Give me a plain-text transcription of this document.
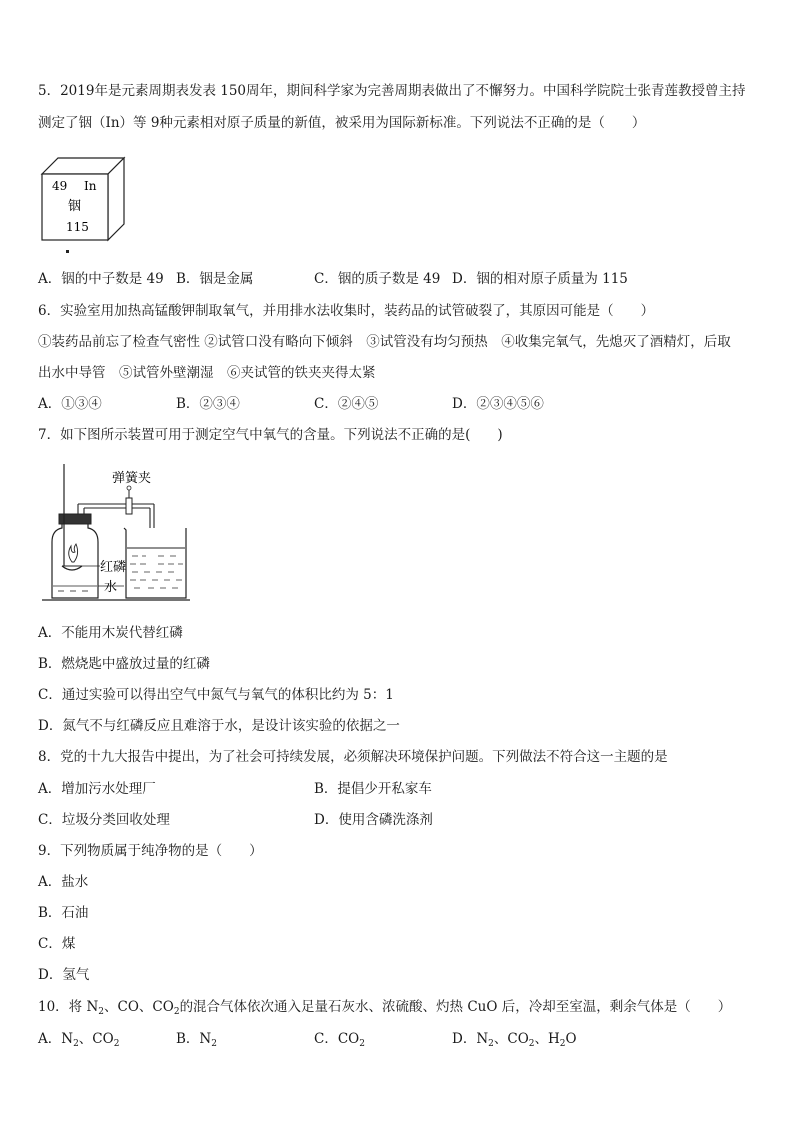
5．2019年是元素周期表发表 150周年，期间科学家为完善周期表做出了不懈努力。中国科学院院士张青莲教授曾主持
测定了铟（In）等 9种元素相对原子质量的新值，被采用为国际新标准。下列说法不正确的是（　　）
49 In
铟
115
A．铟的中子数是 49 B．铟是金属	C．铟的质子数是 49 D．铟的相对原子质量为 115
6．实验室用加热高锰酸钾制取氧气，并用排水法收集时，装药品的试管破裂了，其原因可能是（　　）
①装药品前忘了检查气密性 ②试管口没有略向下倾斜　③试管没有均匀预热　④收集完氧气，先熄灭了酒精灯，后取
出水中导管　⑤试管外壁潮湿　⑥夹试管的铁夹夹得太紧
A．①③④	B．②③④	C．②④⑤	D．②③④⑤⑥
7．如下图所示装置可用于测定空气中氧气的含量。下列说法不正确的是(　　)
弹簧夹
红磷
水
A．不能用木炭代替红磷
B．燃烧匙中盛放过量的红磷
C．通过实验可以得出空气中氮气与氧气的体积比约为 5：1
D．氮气不与红磷反应且难溶于水，是设计该实验的依据之一
8．党的十九大报告中提出，为了社会可持续发展，必须解决环境保护问题。下列做法不符合这一主题的是
A．增加污水处理厂	B．提倡少开私家车
C．垃圾分类回收处理	D．使用含磷洗涤剂
9．下列物质属于纯净物的是（　　）
A．盐水
B．石油
C．煤
D．氢气
10．将 $N_2$、CO、$CO_2$的混合气体依次通入足量石灰水、浓硫酸、灼热 CuO 后，冷却至室温，剩余气体是（　　）
A．$N_2$、$CO_2$	B．$N_2$	C．$CO_2$	D．$N_2$、$CO_2$、$H_2O$
